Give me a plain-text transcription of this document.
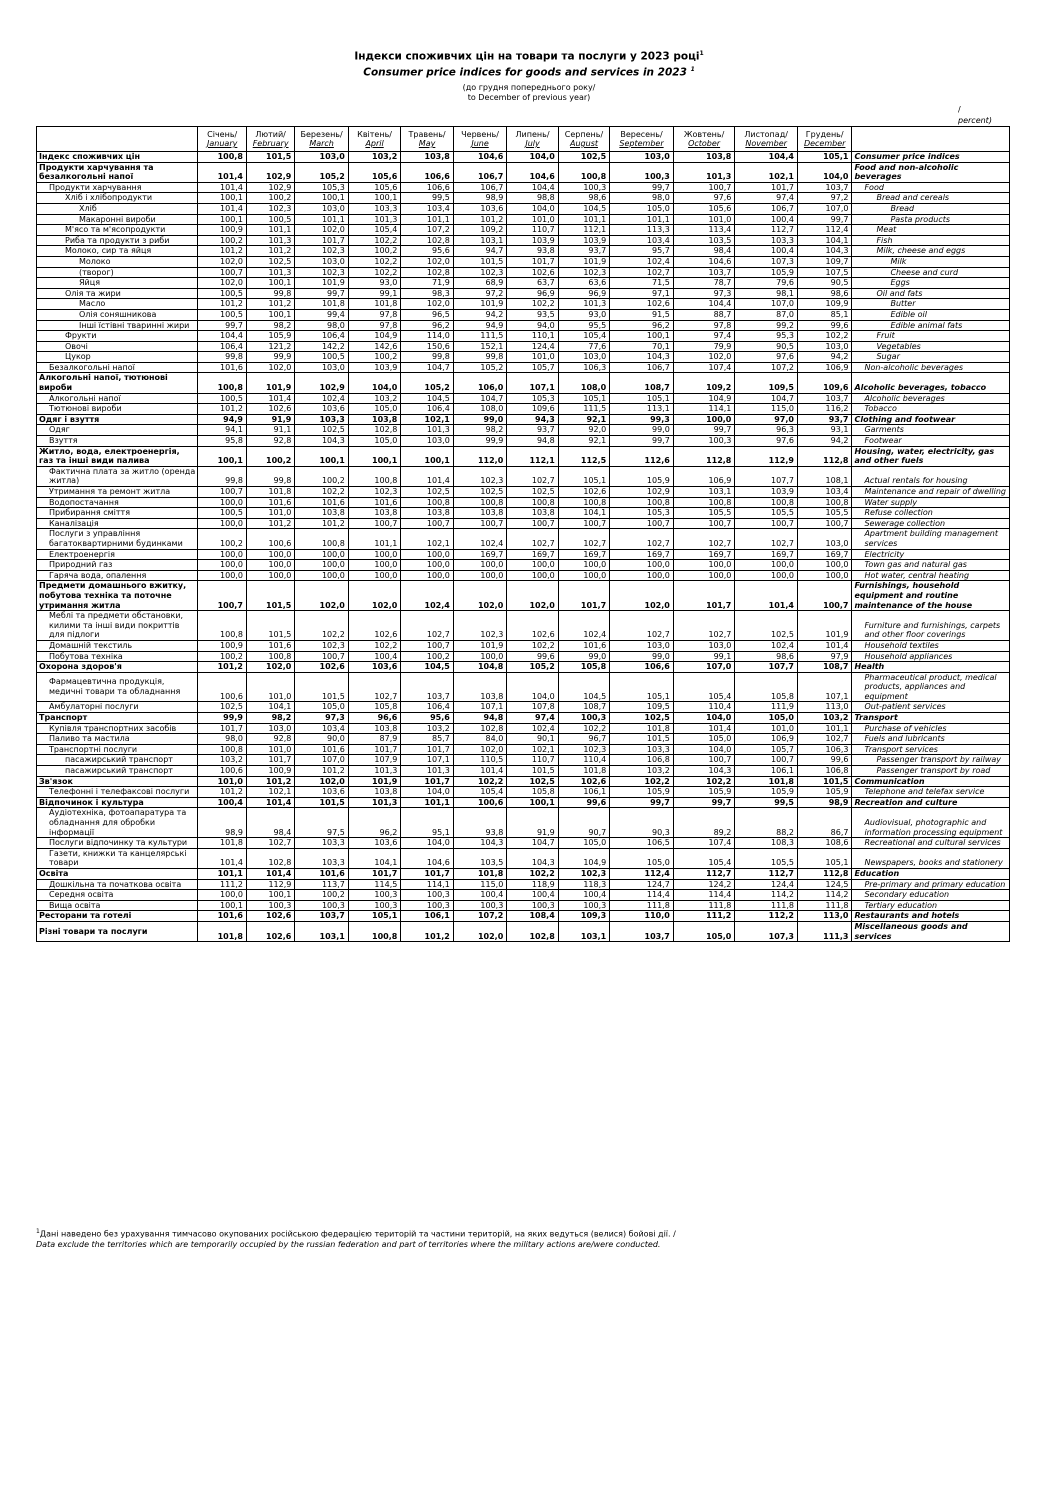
Індекси споживчих цін на товари та послуги у 2023 році$^1$
Consumer price indices for goods and services in 2023 $^1$
(до грудня попереднього року/
to December of previous year)
/
percent)
	Січень/
January	Лютий/
February	Березень/
March	Квітень/
April	Травень/
May	Червень/
June	Липень/
July	Серпень/
August	Вересень/
September	Жовтень/
October	Листопад/
November	Грудень/
December	
Індекс споживчих цін	100,8	101,5	103,0	103,2	103,8	104,6	104,0	102,5	103,0	103,8	104,4	105,1	Consumer price indices
Продукти харчування та безалкогольні напої	101,4	102,9	105,2	105,6	106,6	106,7	104,6	100,8	100,3	101,3	102,1	104,0	Food and non-alcoholic beverages
Продукти харчування	101,4	102,9	105,3	105,6	106,6	106,7	104,4	100,3	99,7	100,7	101,7	103,7	Food
Хліб і хлібопродукти	100,1	100,2	100,1	100,1	99,5	98,9	98,8	98,6	98,0	97,6	97,4	97,2	Bread and cereals
Хліб	101,4	102,3	103,0	103,3	103,4	103,6	104,0	104,5	105,0	105,6	106,7	107,0	Bread
Макаронні вироби	100,1	100,5	101,1	101,3	101,1	101,2	101,0	101,1	101,1	101,0	100,4	99,7	Pasta products
М'ясо та м'ясопродукти	100,9	101,1	102,0	105,4	107,2	109,2	110,7	112,1	113,3	113,4	112,7	112,4	Meat
Риба та продукти з риби	100,2	101,3	101,7	102,2	102,8	103,1	103,9	103,9	103,4	103,5	103,3	104,1	Fish
Молоко, сир та яйця	101,2	101,2	102,3	100,2	95,6	94,7	93,8	93,7	95,7	98,4	100,4	104,3	Milk, cheese and eggs
Молоко	102,0	102,5	103,0	102,2	102,0	101,5	101,7	101,9	102,4	104,6	107,3	109,7	Milk
(творог)	100,7	101,3	102,3	102,2	102,8	102,3	102,6	102,3	102,7	103,7	105,9	107,5	Cheese and curd
Яйця	102,0	100,1	101,9	93,0	71,9	68,9	63,7	63,6	71,5	78,7	79,6	90,5	Eggs
Олія та жири	100,5	99,8	99,7	99,1	98,3	97,2	96,9	96,9	97,1	97,3	98,1	98,6	Oil and fats
Масло	101,2	101,2	101,8	101,8	102,0	101,9	102,2	101,3	102,6	104,4	107,0	109,9	Butter
Олія соняшникова	100,5	100,1	99,4	97,8	96,5	94,2	93,5	93,0	91,5	88,7	87,0	85,1	Edible oil
Інші їстівні тваринні жири	99,7	98,2	98,0	97,8	96,2	94,9	94,0	95,5	96,2	97,8	99,2	99,6	Edible animal fats
Фрукти	104,4	105,9	106,4	104,9	114,0	111,5	110,1	105,4	100,1	97,4	95,3	102,2	Fruit
Овочі	106,4	121,2	142,2	142,6	150,6	152,1	124,4	77,6	70,1	79,9	90,5	103,0	Vegetables
Цукор	99,8	99,9	100,5	100,2	99,8	99,8	101,0	103,0	104,3	102,0	97,6	94,2	Sugar
Безалкогольні напої	101,6	102,0	103,0	103,9	104,7	105,2	105,7	106,3	106,7	107,4	107,2	106,9	Non-alcoholic beverages
Алкогольні напої, тютюнові вироби	100,8	101,9	102,9	104,0	105,2	106,0	107,1	108,0	108,7	109,2	109,5	109,6	Alcoholic beverages, tobacco
Алкогольні напої	100,5	101,4	102,4	103,2	104,5	104,7	105,3	105,1	105,1	104,9	104,7	103,7	Alcoholic beverages
Тютюнові вироби	101,2	102,6	103,6	105,0	106,4	108,0	109,6	111,5	113,1	114,1	115,0	116,2	Tobacco
Одяг і взуття	94,9	91,9	103,3	103,8	102,1	99,0	94,3	92,1	99,3	100,0	97,0	93,7	Clothing and footwear
Одяг	94,1	91,1	102,5	102,8	101,3	98,2	93,7	92,0	99,0	99,7	96,3	93,1	Garments
Взуття	95,8	92,8	104,3	105,0	103,0	99,9	94,8	92,1	99,7	100,3	97,6	94,2	Footwear
Житло, вода, електроенергія, газ та інші види палива	100,1	100,2	100,1	100,1	100,1	112,0	112,1	112,5	112,6	112,8	112,9	112,8	Housing, water, electricity, gas and other fuels
Фактична плата за житло (оренда житла)	99,8	99,8	100,2	100,8	101,4	102,3	102,7	105,1	105,9	106,9	107,7	108,1	Actual rentals for housing
Утримання та ремонт житла	100,7	101,8	102,2	102,3	102,5	102,5	102,5	102,6	102,9	103,1	103,9	103,4	Maintenance and repair of dwelling
Водопостачання	100,0	101,6	101,6	101,6	100,8	100,8	100,8	100,8	100,8	100,8	100,8	100,8	Water supply
Прибирання сміття	100,5	101,0	103,8	103,8	103,8	103,8	103,8	104,1	105,3	105,5	105,5	105,5	Refuse collection
Каналізація	100,0	101,2	101,2	100,7	100,7	100,7	100,7	100,7	100,7	100,7	100,7	100,7	Sewerage collection
Послуги з управління багатоквартирними будинками	100,2	100,6	100,8	101,1	102,1	102,4	102,7	102,7	102,7	102,7	102,7	103,0	Apartment building management services
Електроенергія	100,0	100,0	100,0	100,0	100,0	169,7	169,7	169,7	169,7	169,7	169,7	169,7	Electricity
Природний газ	100,0	100,0	100,0	100,0	100,0	100,0	100,0	100,0	100,0	100,0	100,0	100,0	Town gas and natural gas
Гаряча вода, опалення	100,0	100,0	100,0	100,0	100,0	100,0	100,0	100,0	100,0	100,0	100,0	100,0	Hot water, central heating
Предмети домашнього вжитку, побутова техніка та поточне утримання житла	100,7	101,5	102,0	102,0	102,4	102,0	102,0	101,7	102,0	101,7	101,4	100,7	Furnishings, household equipment and routine maintenance of the house
Меблі та предмети обстановки, килими та інші види покриттів для підлоги	100,8	101,5	102,2	102,6	102,7	102,3	102,6	102,4	102,7	102,7	102,5	101,9	Furniture and furnishings, carpets and other floor coverings
Домашній текстиль	100,9	101,6	102,3	102,2	100,7	101,9	102,2	101,6	103,0	103,0	102,4	101,4	Household textiles
Побутова техніка	100,2	100,8	100,7	100,4	100,2	100,0	99,6	99,0	99,0	99,1	98,6	97,9	Household appliances
Охорона здоров'я	101,2	102,0	102,6	103,6	104,5	104,8	105,2	105,8	106,6	107,0	107,7	108,7	Health
Фармацевтична продукція, медичні товари та обладнання	100,6	101,0	101,5	102,7	103,7	103,8	104,0	104,5	105,1	105,4	105,8	107,1	Pharmaceutical product, medical products, appliances and equipment
Амбулаторні послуги	102,5	104,1	105,0	105,8	106,4	107,1	107,8	108,7	109,5	110,4	111,9	113,0	Out-patient services
Транспорт	99,9	98,2	97,3	96,6	95,6	94,8	97,4	100,3	102,5	104,0	105,0	103,2	Transport
Купівля транспортних засобів	101,7	103,0	103,4	103,8	103,2	102,8	102,4	102,2	101,8	101,4	101,0	101,1	Purchase of vehicles
Паливо та мастила	98,0	92,8	90,0	87,9	85,7	84,0	90,1	96,7	101,5	105,0	106,9	102,7	Fuels and lubricants
Транспортні послуги	100,8	101,0	101,6	101,7	101,7	102,0	102,1	102,3	103,3	104,0	105,7	106,3	Transport services
пасажирський транспорт	103,2	101,7	107,0	107,9	107,1	110,5	110,7	110,4	106,8	100,7	100,7	99,6	Passenger transport by railway
пасажирський транспорт	100,6	100,9	101,2	101,3	101,3	101,4	101,5	101,8	103,2	104,3	106,1	106,8	Passenger transport by road
Зв'язок	101,0	101,2	102,0	101,9	101,7	102,2	102,5	102,6	102,2	102,2	101,8	101,5	Communication
Телефонні і телефаксові послуги	101,2	102,1	103,6	103,8	104,0	105,4	105,8	106,1	105,9	105,9	105,9	105,9	Telephone and telefax service
Відпочинок і культура	100,4	101,4	101,5	101,3	101,1	100,6	100,1	99,6	99,7	99,7	99,5	98,9	Recreation and culture
Аудіотехніка, фотоапаратура та обладнання для обробки інформації	98,9	98,4	97,5	96,2	95,1	93,8	91,9	90,7	90,3	89,2	88,2	86,7	Audiovisual, photographic and information processing equipment
Послуги відпочинку та культури	101,8	102,7	103,3	103,6	104,0	104,3	104,7	105,0	106,5	107,4	108,3	108,6	Recreational and cultural services
Газети, книжки та канцелярські товари	101,4	102,8	103,3	104,1	104,6	103,5	104,3	104,9	105,0	105,4	105,5	105,1	Newspapers, books and stationery
Освіта	101,1	101,4	101,6	101,7	101,7	101,8	102,2	102,3	112,4	112,7	112,7	112,8	Education
Дошкільна та початкова освіта	111,2	112,9	113,7	114,5	114,1	115,0	118,9	118,3	124,7	124,2	124,4	124,5	Pre-primary and primary education
Середня освіта	100,0	100,1	100,2	100,3	100,3	100,4	100,4	100,4	114,4	114,4	114,2	114,2	Secondary education
Вища освіта	100,1	100,3	100,3	100,3	100,3	100,3	100,3	100,3	111,8	111,8	111,8	111,8	Tertiary education
Ресторани та готелі	101,6	102,6	103,7	105,1	106,1	107,2	108,4	109,3	110,0	111,2	112,2	113,0	Restaurants and hotels
Різні товари та послуги	101,8	102,6	103,1	100,8	101,2	102,0	102,8	103,1	103,7	105,0	107,3	111,3	Miscellaneous goods and services
$^1$Дані наведено без урахування тимчасово окупованих російською федерацією територій та частини територій, на яких ведуться (велися) бойові дії. /
Data exclude the territories which are temporarily occupied by the russian federation and part of territories where the military actions are/were conducted.
